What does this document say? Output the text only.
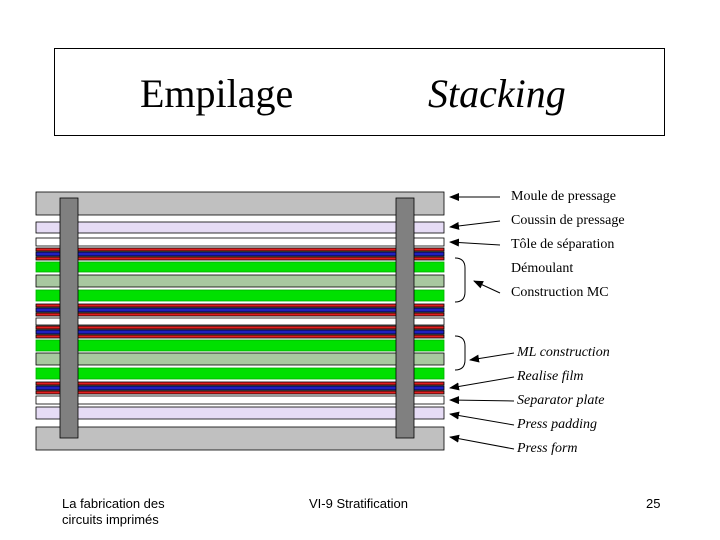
Empilage	Stacking
Moule de pressage
Coussin de pressage
Tôle de séparation
Démoulant
Construction MC
ML construction
Realise film
Separator plate
Press padding
Press form
La fabrication des circuits imprimés
VI-9 Stratification	25
